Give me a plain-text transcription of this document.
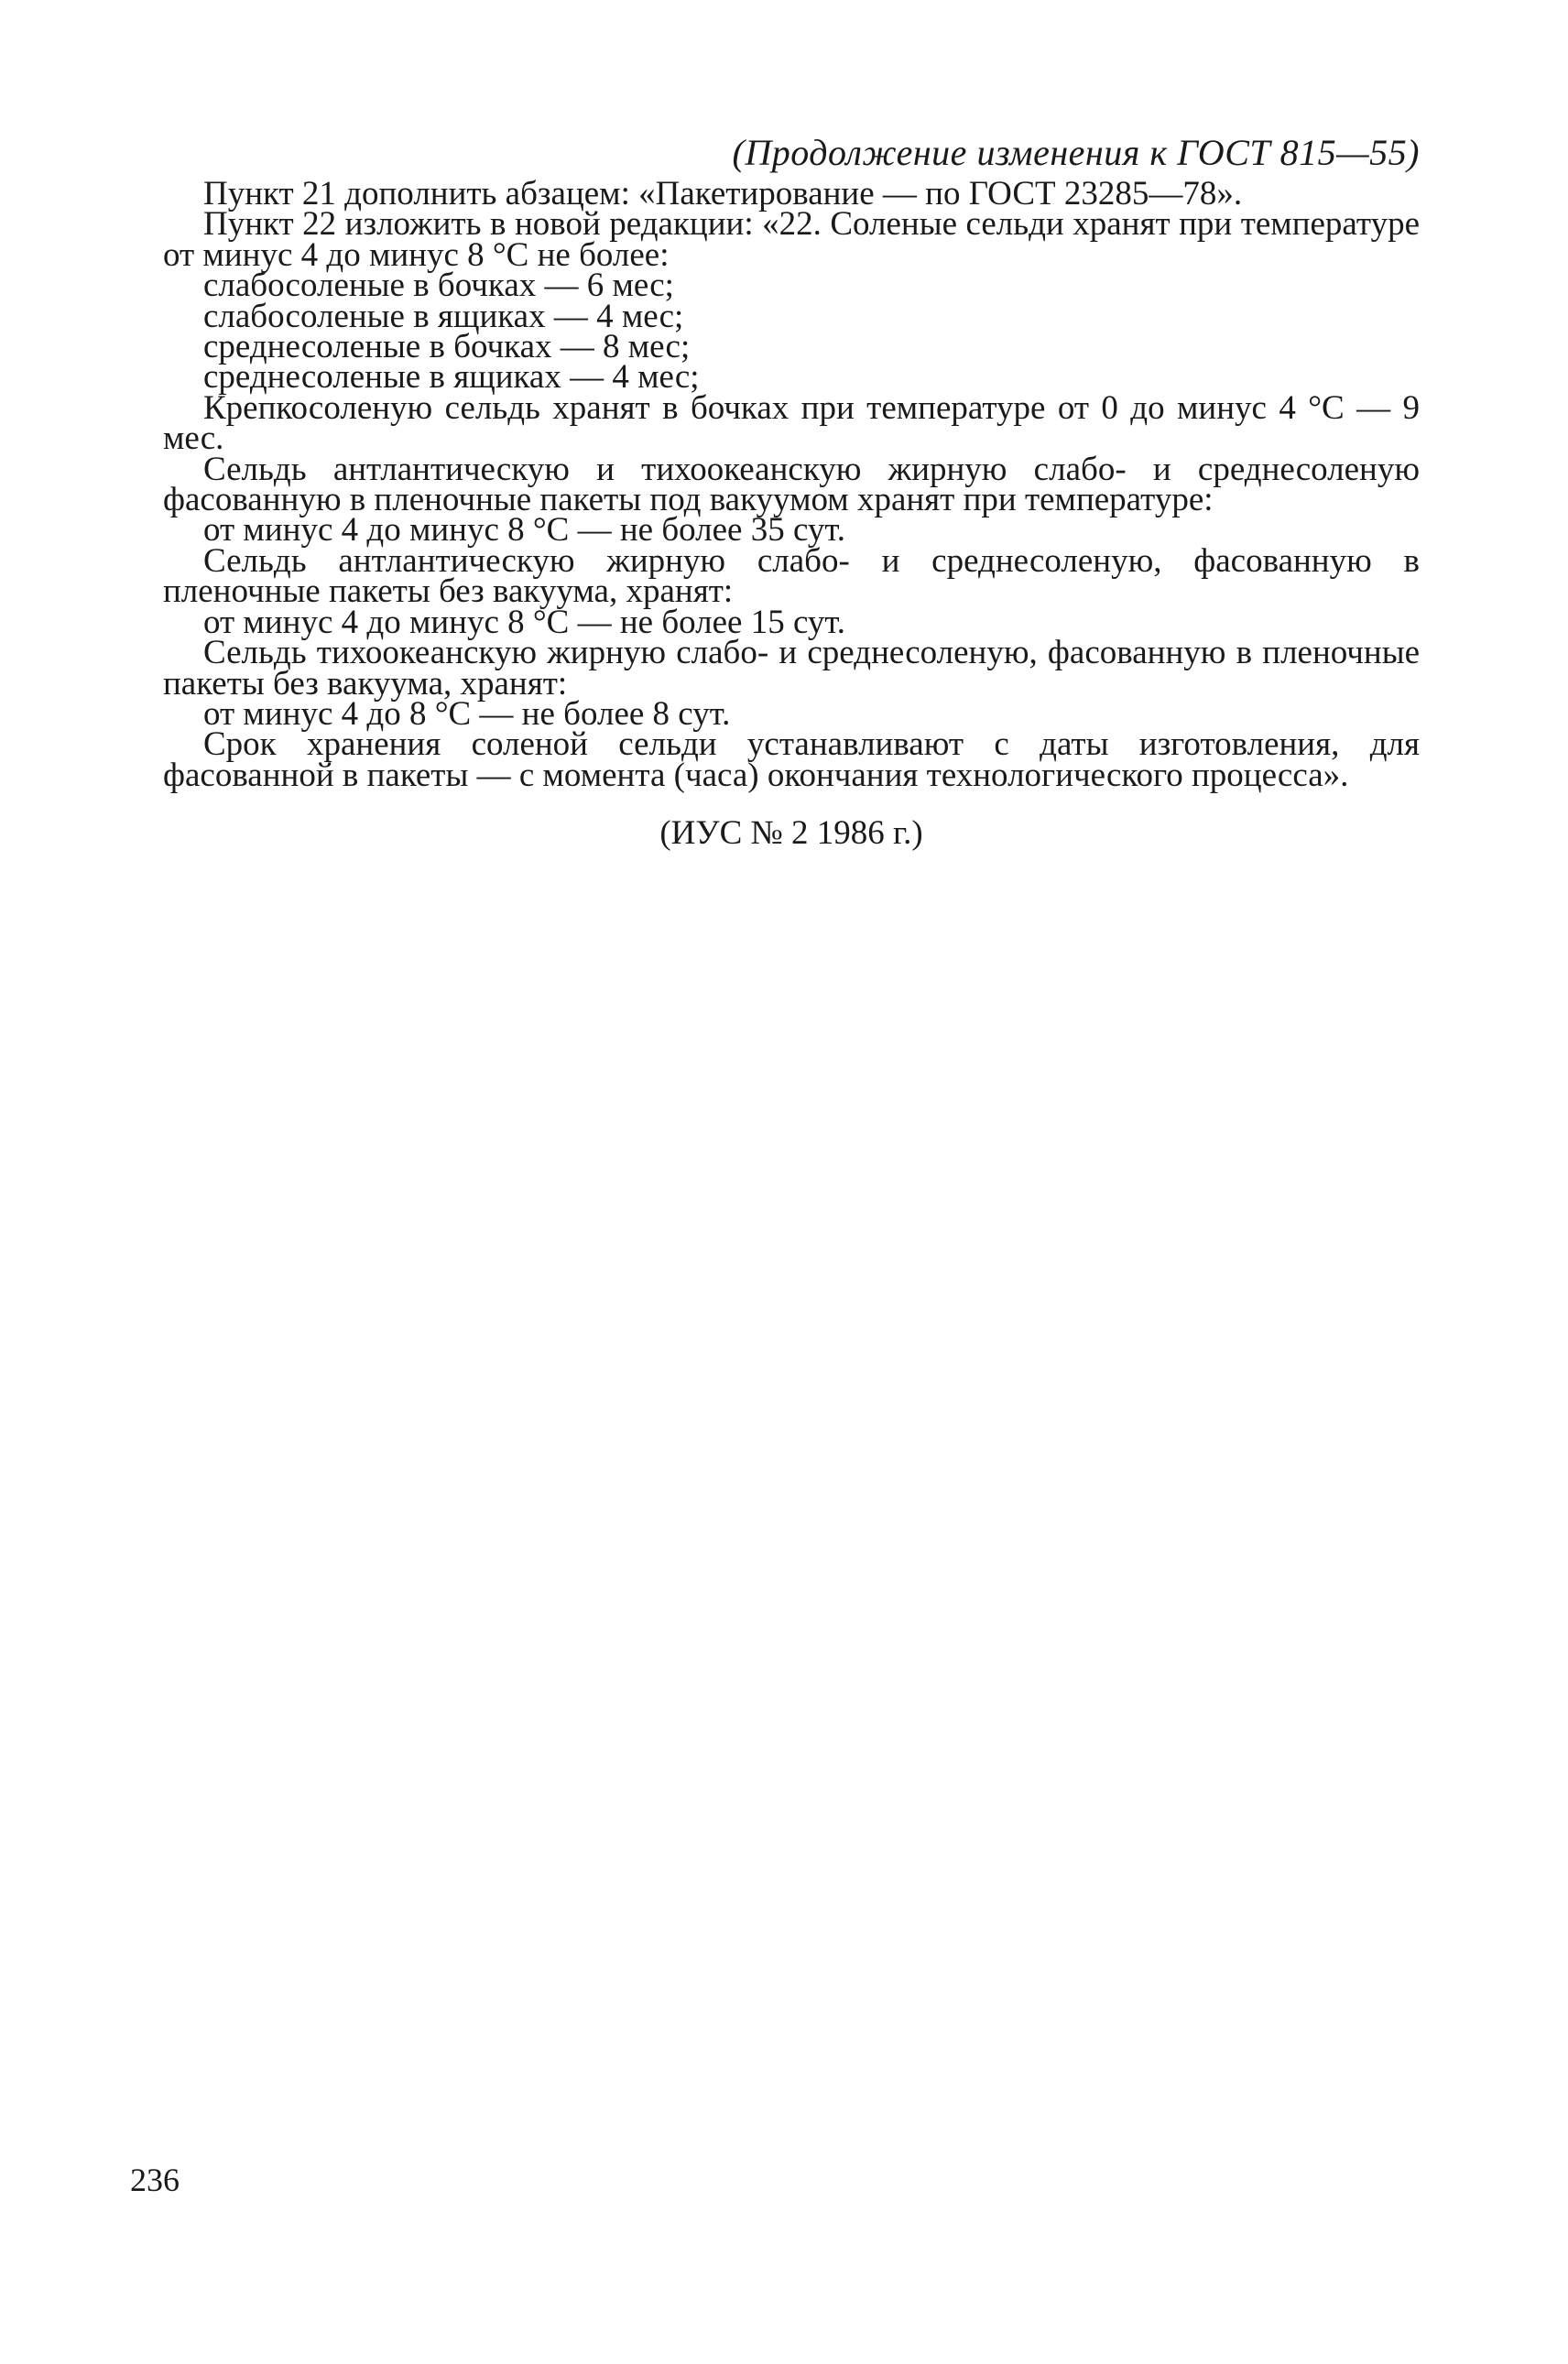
(Продолжение изменения к ГОСТ 815—55)

Пункт 21 дополнить абзацем: «Пакетирование — по ГОСТ 23285—78».

Пункт 22 изложить в новой редакции: «22. Соленые сельди хранят при температуре от минус 4 до минус 8 °С не более:

слабосоленые в бочках — 6 мес;

слабосоленые в ящиках — 4 мес;

среднесоленые в бочках — 8 мес;

среднесоленые в ящиках — 4 мес;

Крепкосоленую сельдь хранят в бочках при температуре от 0 до минус 4 °С — 9 мес.

Сельдь антлантическую и тихоокеанскую жирную слабо- и среднесоленую фасованную в пленочные пакеты под вакуумом хранят при температуре:

от минус 4 до минус 8 °С — не более 35 сут.

Сельдь антлантическую жирную слабо- и среднесоленую, фасованную в пленочные пакеты без вакуума, хранят:

от минус 4 до минус 8 °С — не более 15 сут.

Сельдь тихоокеанскую жирную слабо- и среднесоленую, фасованную в пленочные пакеты без вакуума, хранят:

от минус 4 до 8 °С — не более 8 сут.

Срок хранения соленой сельди устанавливают с даты изготовления, для фасованной в пакеты — с момента (часа) окончания технологического процесса».

(ИУС № 2 1986 г.)

236
